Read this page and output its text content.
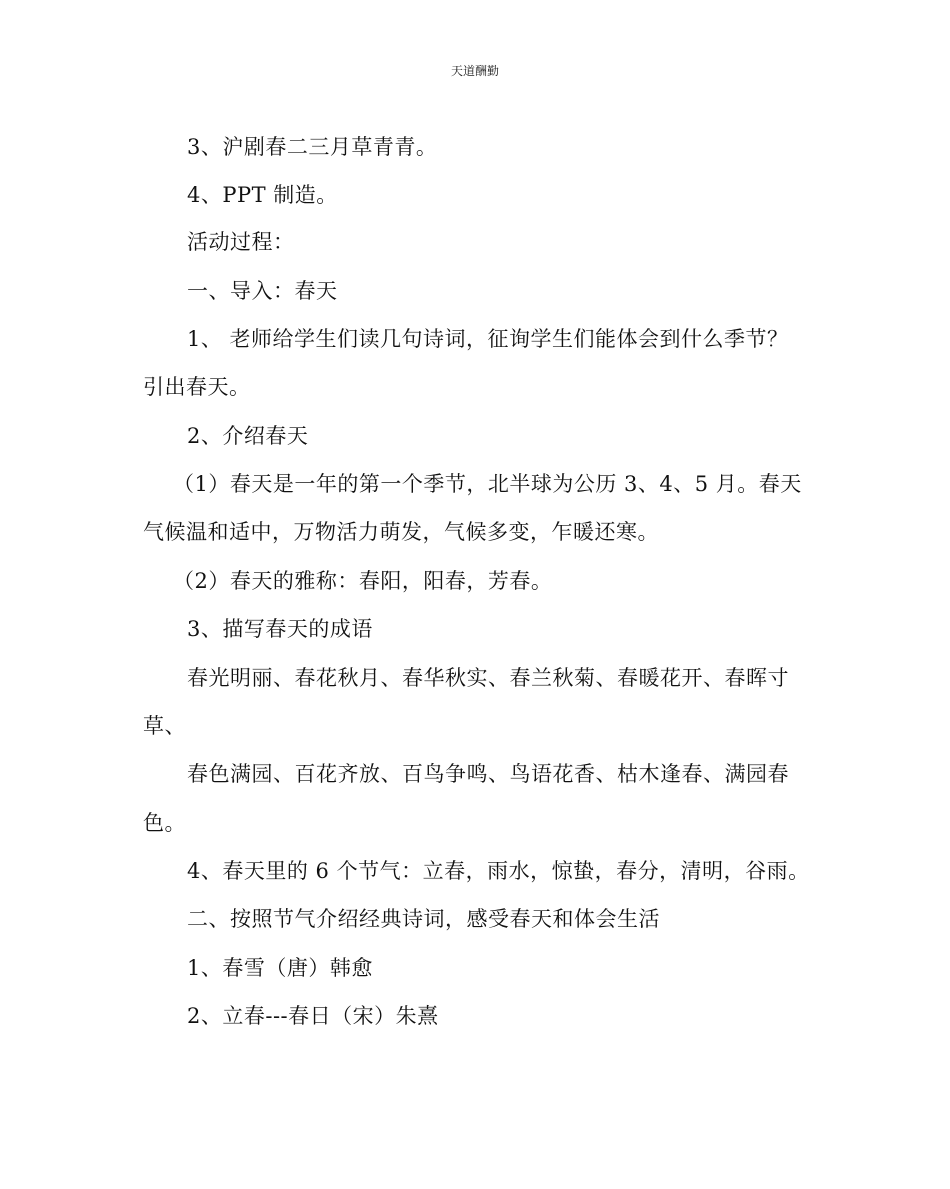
天道酬勤
3、沪剧春二三月草青青。
4、PPT 制造。
活动过程：
一、导入：春天
1、 老师给学生们读几句诗词，征询学生们能体会到什么季节？
引出春天。
2、介绍春天
（1）春天是一年的第一个季节，北半球为公历 3、4、5 月。春天
气候温和适中，万物活力萌发，气候多变，乍暖还寒。
（2）春天的雅称：春阳，阳春，芳春。
3、描写春天的成语
春光明丽、春花秋月、春华秋实、春兰秋菊、春暖花开、春晖寸
草、
春色满园、百花齐放、百鸟争鸣、鸟语花香、枯木逢春、满园春
色。
4、春天里的 6 个节气：立春，雨水，惊蛰，春分，清明，谷雨。
二、按照节气介绍经典诗词，感受春天和体会生活
1、春雪（唐）韩愈
2、立春---春日（宋）朱熹
